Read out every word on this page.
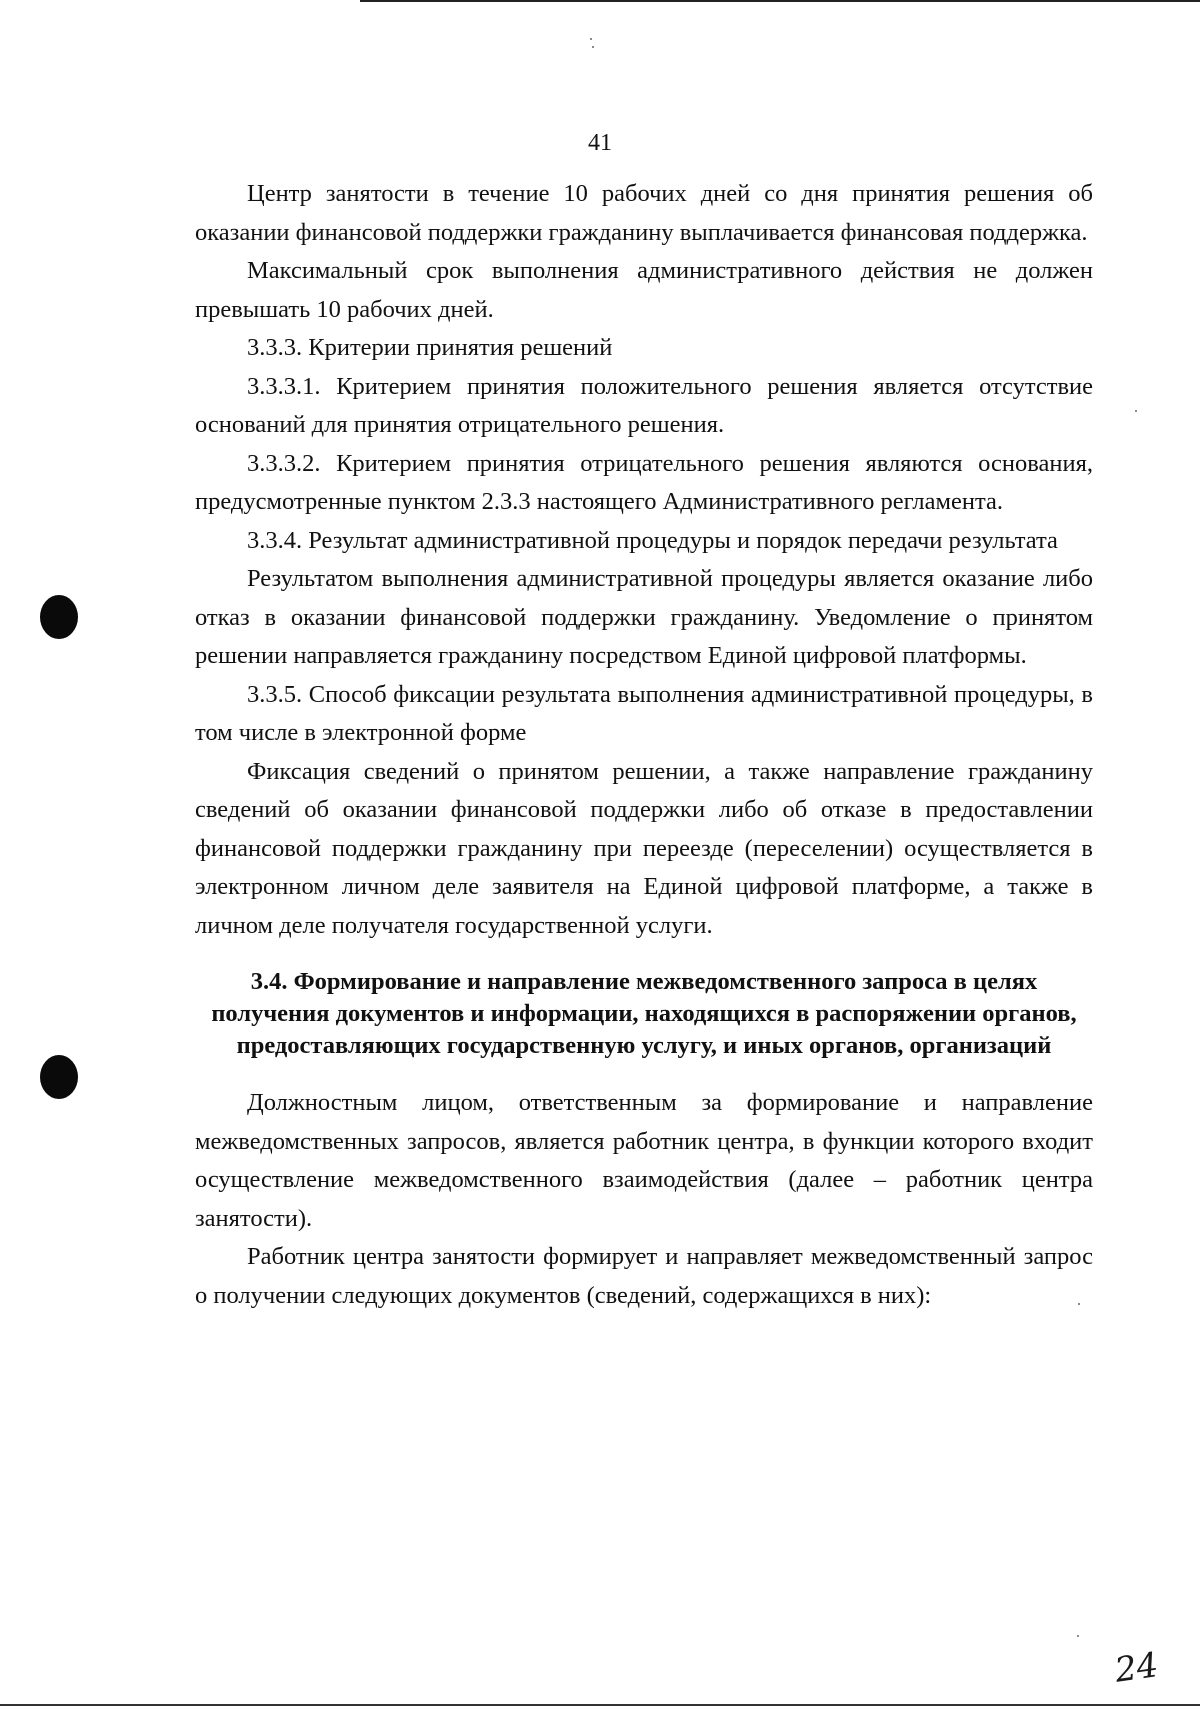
41

Центр занятости в течение 10 рабочих дней со дня принятия решения об оказании финансовой поддержки гражданину выплачивается финансовая поддержка.

Максимальный срок выполнения административного действия не должен превышать 10 рабочих дней.

3.3.3. Критерии принятия решений

3.3.3.1. Критерием принятия положительного решения является отсутствие оснований для принятия отрицательного решения.

3.3.3.2. Критерием принятия отрицательного решения являются основания, предусмотренные пунктом 2.3.3 настоящего Административного регламента.

3.3.4. Результат административной процедуры и порядок передачи результата

Результатом выполнения административной процедуры является оказание либо отказ в оказании финансовой поддержки гражданину. Уведомление о принятом решении направляется гражданину посредством Единой цифровой платформы.

3.3.5. Способ фиксации результата выполнения административной процедуры, в том числе в электронной форме

Фиксация сведений о принятом решении, а также направление гражданину сведений об оказании финансовой поддержки либо об отказе в предоставлении финансовой поддержки гражданину при переезде (переселении) осуществляется в электронном личном деле заявителя на Единой цифровой платформе, а также в личном деле получателя государственной услуги.

3.4. Формирование и направление межведомственного запроса в целях получения документов и информации, находящихся в распоряжении органов, предоставляющих государственную услугу, и иных органов, организаций

Должностным лицом, ответственным за формирование и направление межведомственных запросов, является работник центра, в функции которого входит осуществление межведомственного взаимодействия (далее – работник центра занятости).

Работник центра занятости формирует и направляет межведомственный запрос о получении следующих документов (сведений, содержащихся в них):

24
